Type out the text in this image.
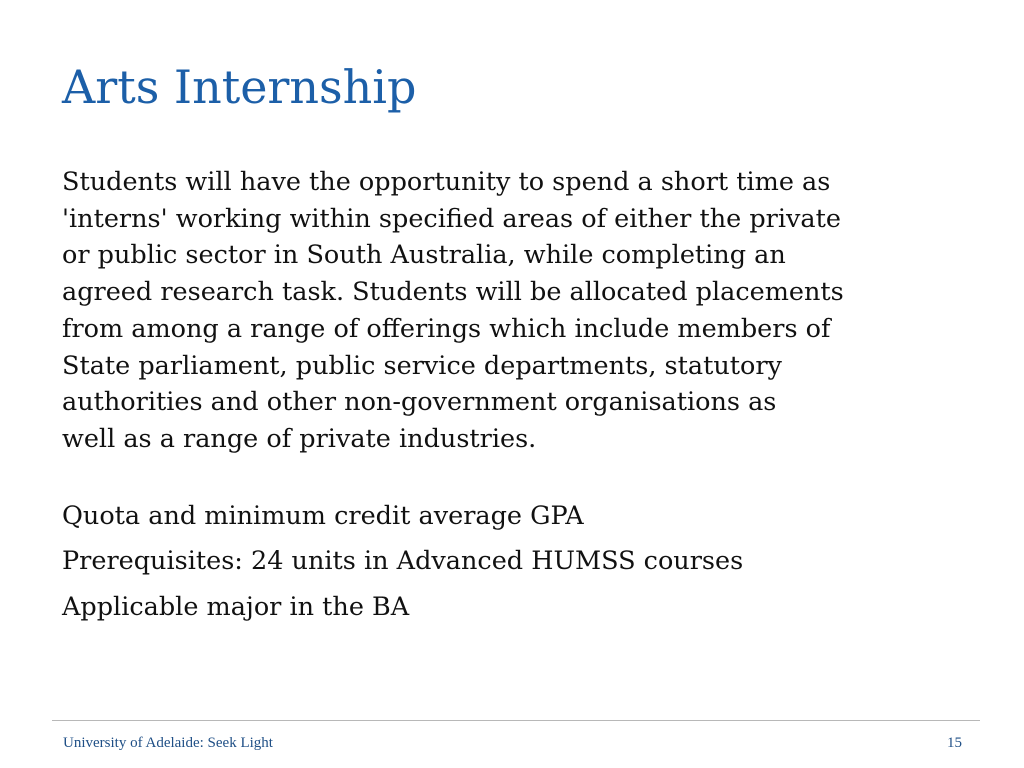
Arts Internship

Students will have the opportunity to spend a short time as
'interns' working within specified areas of either the private
or public sector in South Australia, while completing an
agreed research task. Students will be allocated placements
from among a range of offerings which include members of
State parliament, public service departments, statutory
authorities and other non-government organisations as
well as a range of private industries.

Quota and minimum credit average GPA
Prerequisites: 24 units in Advanced HUMSS courses
Applicable major in the BA
University of Adelaide: Seek Light	15
